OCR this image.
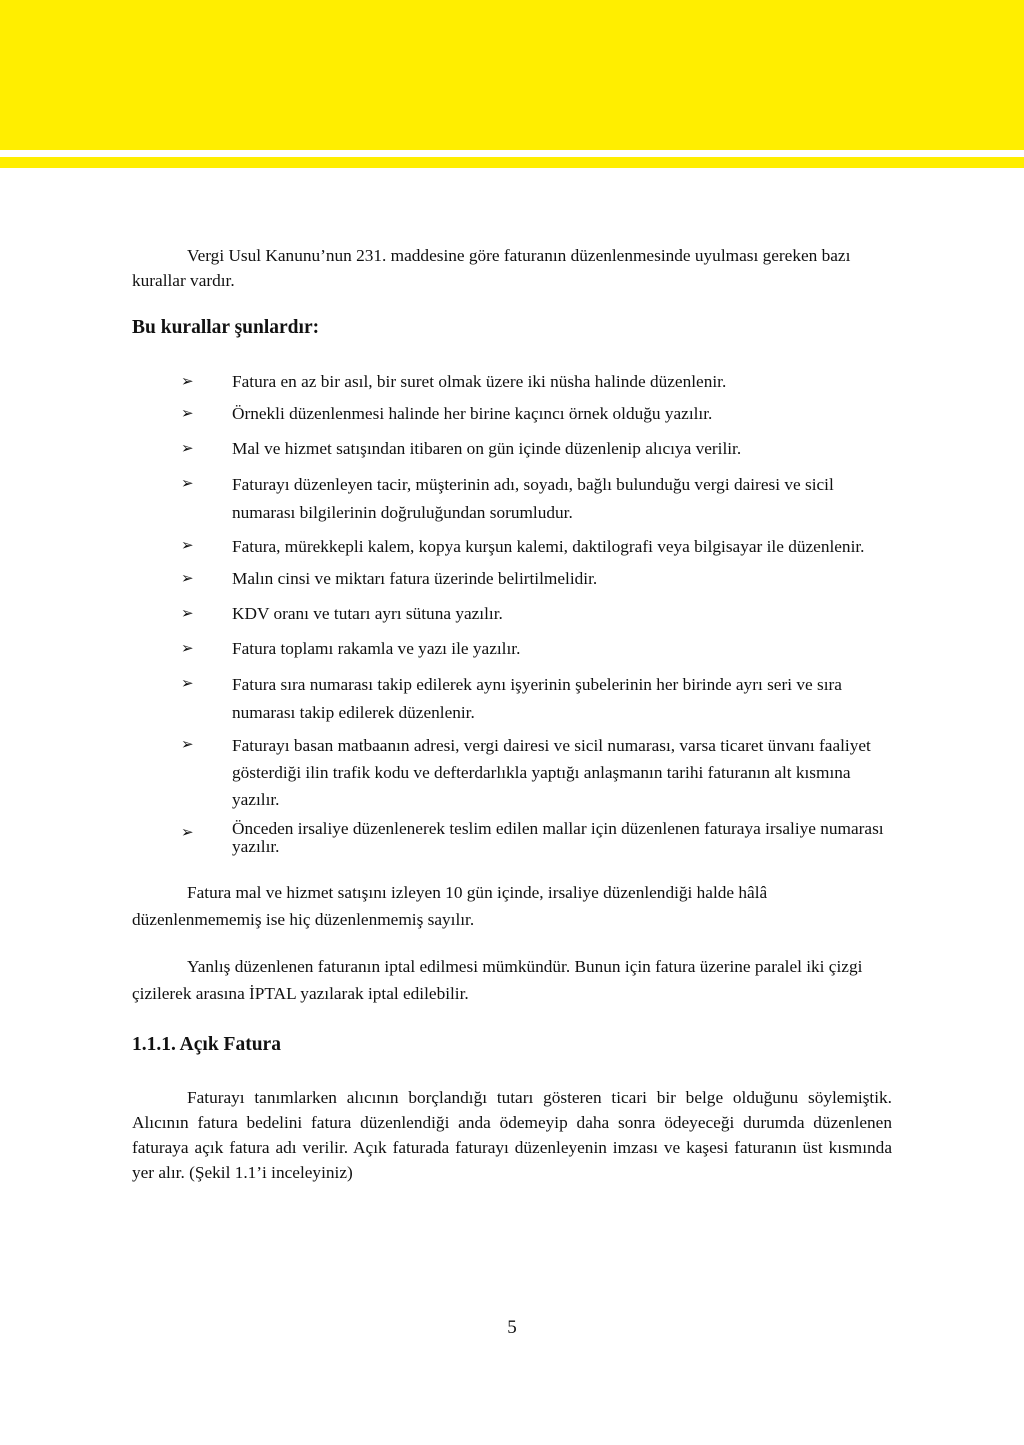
Vergi Usul Kanunu’nun 231. maddesine göre faturanın düzenlenmesinde uyulması gereken bazı kurallar vardır.

Bu kurallar şunlardır:
➢ Fatura en az bir asıl, bir suret olmak üzere iki nüsha halinde düzenlenir.
➢ Örnekli düzenlenmesi halinde her birine kaçıncı örnek olduğu yazılır.
➢ Mal ve hizmet satışından itibaren on gün içinde düzenlenip alıcıya verilir.
➢ Faturayı düzenleyen tacir, müşterinin adı, soyadı, bağlı bulunduğu vergi dairesi ve sicil numarası bilgilerinin doğruluğundan sorumludur.
➢ Fatura, mürekkepli kalem, kopya kurşun kalemi, daktilografi veya bilgisayar ile düzenlenir.
➢ Malın cinsi ve miktarı fatura üzerinde belirtilmelidir.
➢ KDV oranı ve tutarı ayrı sütuna yazılır.
➢ Fatura toplamı rakamla ve yazı ile yazılır.
➢ Fatura sıra numarası takip edilerek aynı işyerinin şubelerinin her birinde ayrı seri ve sıra numarası takip edilerek düzenlenir.
➢ Faturayı basan matbaanın adresi, vergi dairesi ve sicil numarası, varsa ticaret ünvanı faaliyet gösterdiği ilin trafik kodu ve defterdarlıkla yaptığı anlaşmanın tarihi faturanın alt kısmına yazılır.
➢ Önceden irsaliye düzenlenerek teslim edilen mallar için düzenlenen faturaya irsaliye numarası yazılır.

Fatura mal ve hizmet satışını izleyen 10 gün içinde, irsaliye düzenlendiği halde hâlâ düzenlenmememiş ise hiç düzenlenmemiş sayılır.

Yanlış düzenlenen faturanın iptal edilmesi mümkündür. Bunun için fatura üzerine paralel iki çizgi çizilerek arasına İPTAL yazılarak iptal edilebilir.

1.1.1. Açık Fatura

Faturayı tanımlarken alıcının borçlandığı tutarı gösteren ticari bir belge olduğunu söylemiştik. Alıcının fatura bedelini fatura düzenlendiği anda ödemeyip daha sonra ödeyeceği durumda düzenlenen faturaya açık fatura adı verilir. Açık faturada faturayı düzenleyenin imzası ve kaşesi faturanın üst kısmında yer alır. (Şekil 1.1’i inceleyiniz)

5
